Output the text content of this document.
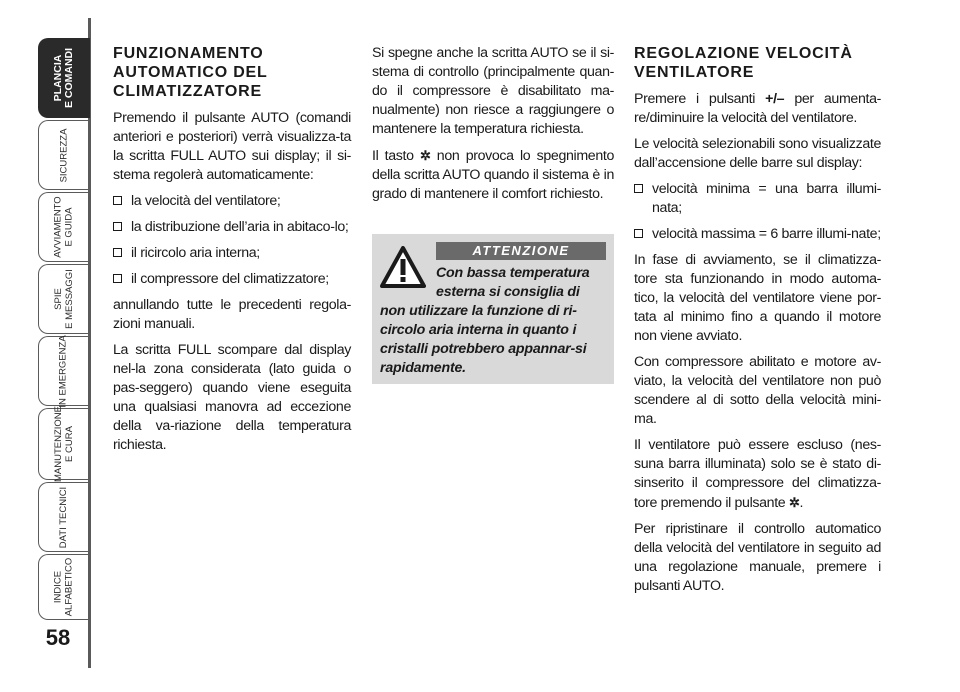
PLANCIA
E COMANDI
SICUREZZA
AVVIAMENTO
E GUIDA
SPIE
E MESSAGGI
IN EMERGENZA
MANUTENZIONE
E CURA
DATI TECNICI
INDICE
ALFABETICO
58
FUNZIONAMENTO AUTOMATICO DEL CLIMATIZZATORE

Premendo il pulsante AUTO (comandi anteriori e posteriori) verrà visualizza-ta la scritta FULL AUTO sui display; il si-stema regolerà automaticamente:

la velocità del ventilatore;
la distribuzione dell’aria in abitaco-lo;
il ricircolo aria interna;
il compressore del climatizzatore;

annullando tutte le precedenti regola-zioni manuali.

La scritta FULL scompare dal display nel-la zona considerata (lato guida o pas-seggero) quando viene eseguita una qualsiasi manovra ad eccezione della va-riazione della temperatura richiesta.

Si spegne anche la scritta AUTO se il si-stema di controllo (principalmente quan-do il compressore è disabilitato ma-nualmente) non riesce a raggiungere o mantenere la temperatura richiesta.

Il tasto ✲ non provoca lo spegnimento della scritta AUTO quando il sistema è in grado di mantenere il comfort richiesto.

ATTENZIONE
Con bassa temperatura
esterna si consiglia di
non utilizzare la funzione di ri-circolo aria interna in quanto i cristalli potrebbero appannar-si rapidamente.
REGOLAZIONE VELOCITÀ VENTILATORE

Premere i pulsanti +/– per aumenta-re/diminuire la velocità del ventilatore.

Le velocità selezionabili sono visualizzate dall’accensione delle barre sul display:

velocità minima = una barra illumi-nata;
velocità massima = 6 barre illumi-nate;

In fase di avviamento, se il climatizza-tore sta funzionando in modo automa-tico, la velocità del ventilatore viene por-tata al minimo fino a quando il motore non viene avviato.

Con compressore abilitato e motore av-viato, la velocità del ventilatore non può scendere al di sotto della velocità mini-ma.

Il ventilatore può essere escluso (nes-suna barra illuminata) solo se è stato di-sinserito il compressore del climatizza-tore premendo il pulsante ✲.

Per ripristinare il controllo automatico della velocità del ventilatore in seguito ad una regolazione manuale, premere i pulsanti AUTO.
